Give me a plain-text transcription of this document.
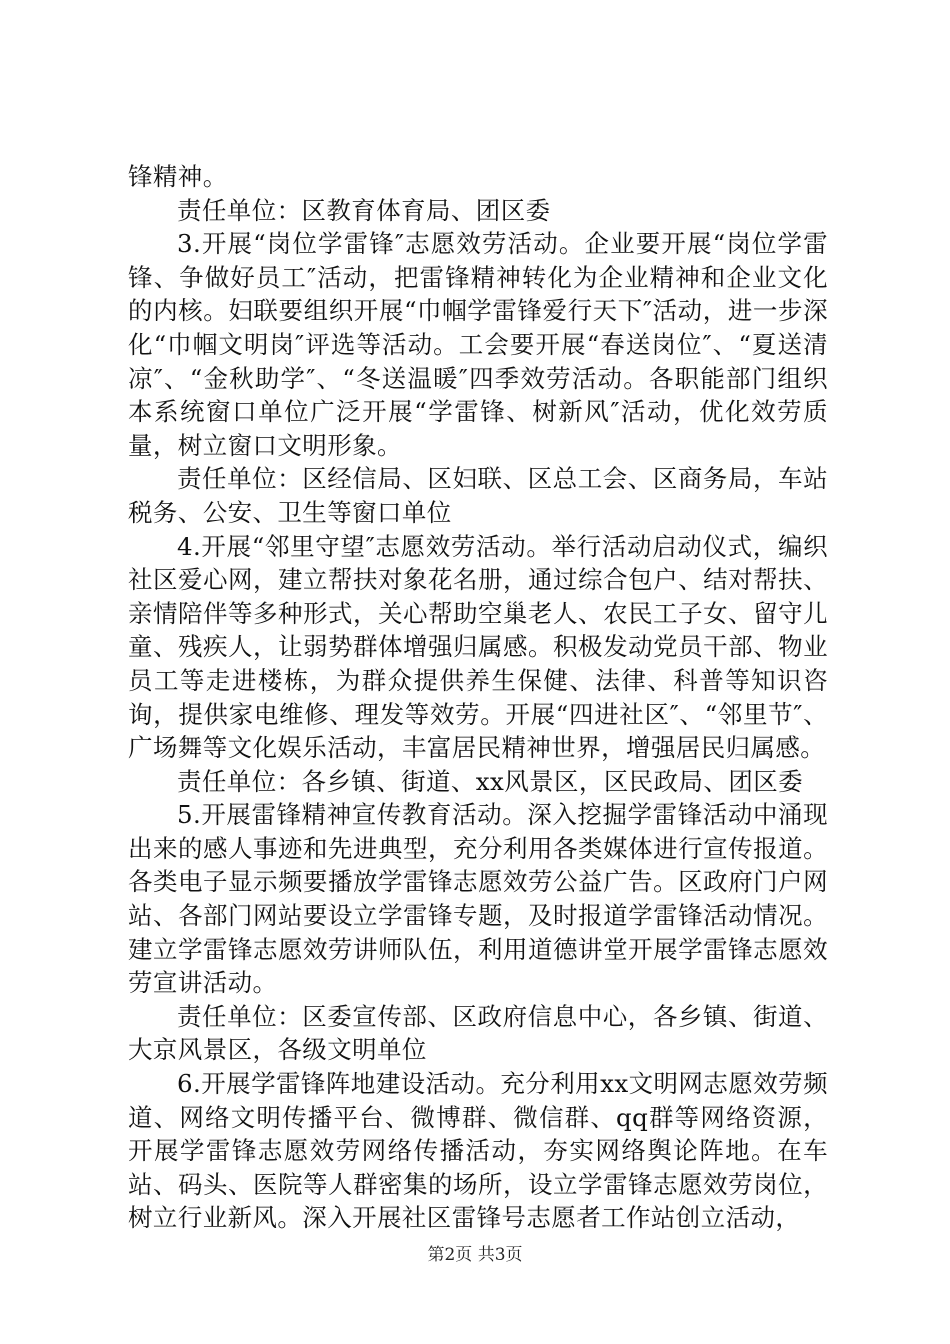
锋精神。

责任单位：区教育体育局、团区委

3.开展“岗位学雷锋″志愿效劳活动。企业要开展“岗位学雷锋、争做好员工″活动，把雷锋精神转化为企业精神和企业文化的内核。妇联要组织开展“巾帼学雷锋爱行天下″活动，进一步深化“巾帼文明岗″评选等活动。工会要开展“春送岗位″、“夏送清凉″、“金秋助学″、“冬送温暖″四季效劳活动。各职能部门组织本系统窗口单位广泛开展“学雷锋、树新风″活动，优化效劳质量，树立窗口文明形象。

责任单位：区经信局、区妇联、区总工会、区商务局，车站税务、公安、卫生等窗口单位

4.开展“邻里守望″志愿效劳活动。举行活动启动仪式，编织社区爱心网，建立帮扶对象花名册，通过综合包户、结对帮扶、亲情陪伴等多种形式，关心帮助空巢老人、农民工子女、留守儿童、残疾人，让弱势群体增强归属感。积极发动党员干部、物业员工等走进楼栋，为群众提供养生保健、法律、科普等知识咨询，提供家电维修、理发等效劳。开展“四进社区″、“邻里节″、广场舞等文化娱乐活动，丰富居民精神世界，增强居民归属感。

责任单位：各乡镇、街道、xx风景区，区民政局、团区委

5.开展雷锋精神宣传教育活动。深入挖掘学雷锋活动中涌现出来的感人事迹和先进典型，充分利用各类媒体进行宣传报道。各类电子显示频要播放学雷锋志愿效劳公益广告。区政府门户网站、各部门网站要设立学雷锋专题，及时报道学雷锋活动情况。建立学雷锋志愿效劳讲师队伍，利用道德讲堂开展学雷锋志愿效劳宣讲活动。

责任单位：区委宣传部、区政府信息中心，各乡镇、街道、大京风景区，各级文明单位

6.开展学雷锋阵地建设活动。充分利用xx文明网志愿效劳频道、网络文明传播平台、微博群、微信群、qq群等网络资源，开展学雷锋志愿效劳网络传播活动，夯实网络舆论阵地。在车站、码头、医院等人群密集的场所，设立学雷锋志愿效劳岗位，树立行业新风。深入开展社区雷锋号志愿者工作站创立活动，

第2页 共3页
